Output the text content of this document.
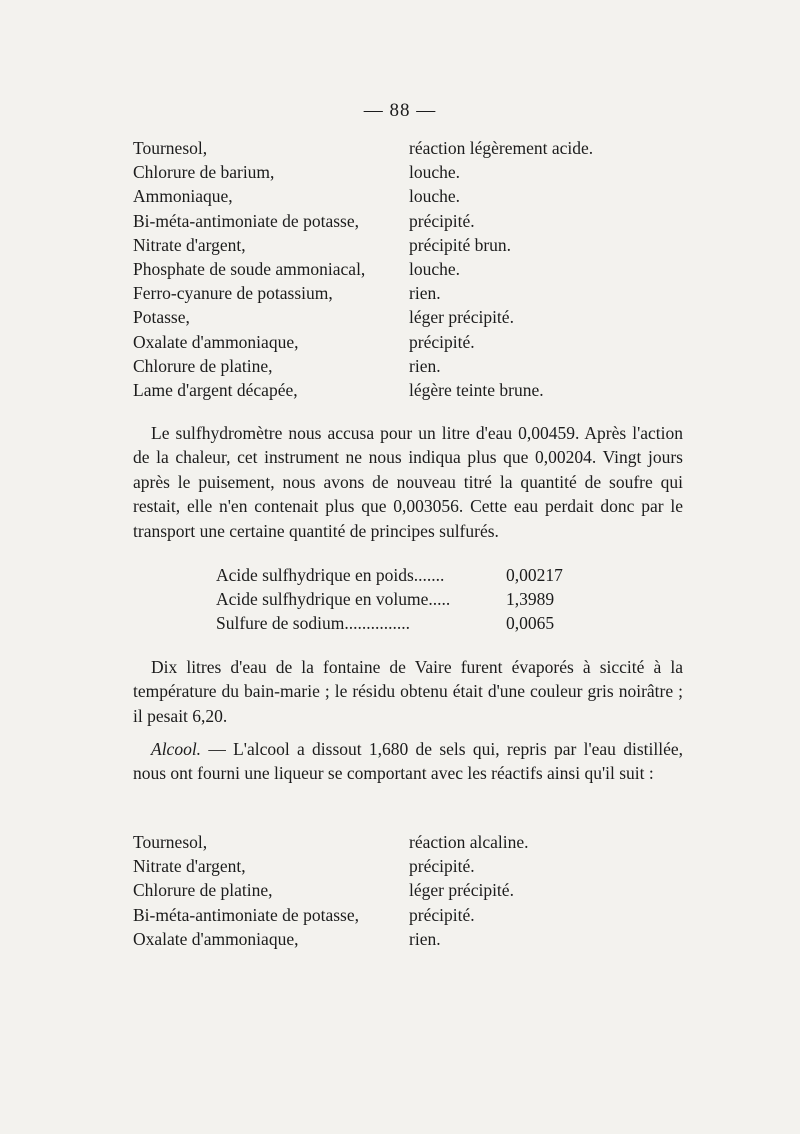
— 88 —
Tournesol,	réaction légèrement acide.
Chlorure de barium,	louche.
Ammoniaque,	louche.
Bi-méta-antimoniate de potasse,	précipité.
Nitrate d'argent,	précipité brun.
Phosphate de soude ammoniacal, louche.
Ferro-cyanure de potassium,	rien.
Potasse,	léger précipité.
Oxalate d'ammoniaque,	précipité.
Chlorure de platine,	rien.
Lame d'argent décapée,	légère teinte brune.
Le sulfhydromètre nous accusa pour un litre d'eau 0,00459. Après l'action de la chaleur, cet instrument ne nous indiqua plus que 0,00204. Vingt jours après le puisement, nous avons de nouveau titré la quantité de soufre qui restait, elle n'en contenait plus que 0,003056. Cette eau perdait donc par le transport une certaine quantité de principes sulfurés.
Acide sulfhydrique en poids.......	0,00217
Acide sulfhydrique en volume.....	1,3989
Sulfure de sodium...............	0,0065
Dix litres d'eau de la fontaine de Vaire furent évaporés à siccité à la température du bain-marie ; le résidu obtenu était d'une couleur gris noirâtre ; il pesait 6,20.
Alcool. — L'alcool a dissout 1,680 de sels qui, repris par l'eau distillée, nous ont fourni une liqueur se comportant avec les réactifs ainsi qu'il suit :
Tournesol,	réaction alcaline.
Nitrate d'argent,	précipité.
Chlorure de platine,	léger précipité.
Bi-méta-antimoniate de potasse,	précipité.
Oxalate d'ammoniaque,	rien.
